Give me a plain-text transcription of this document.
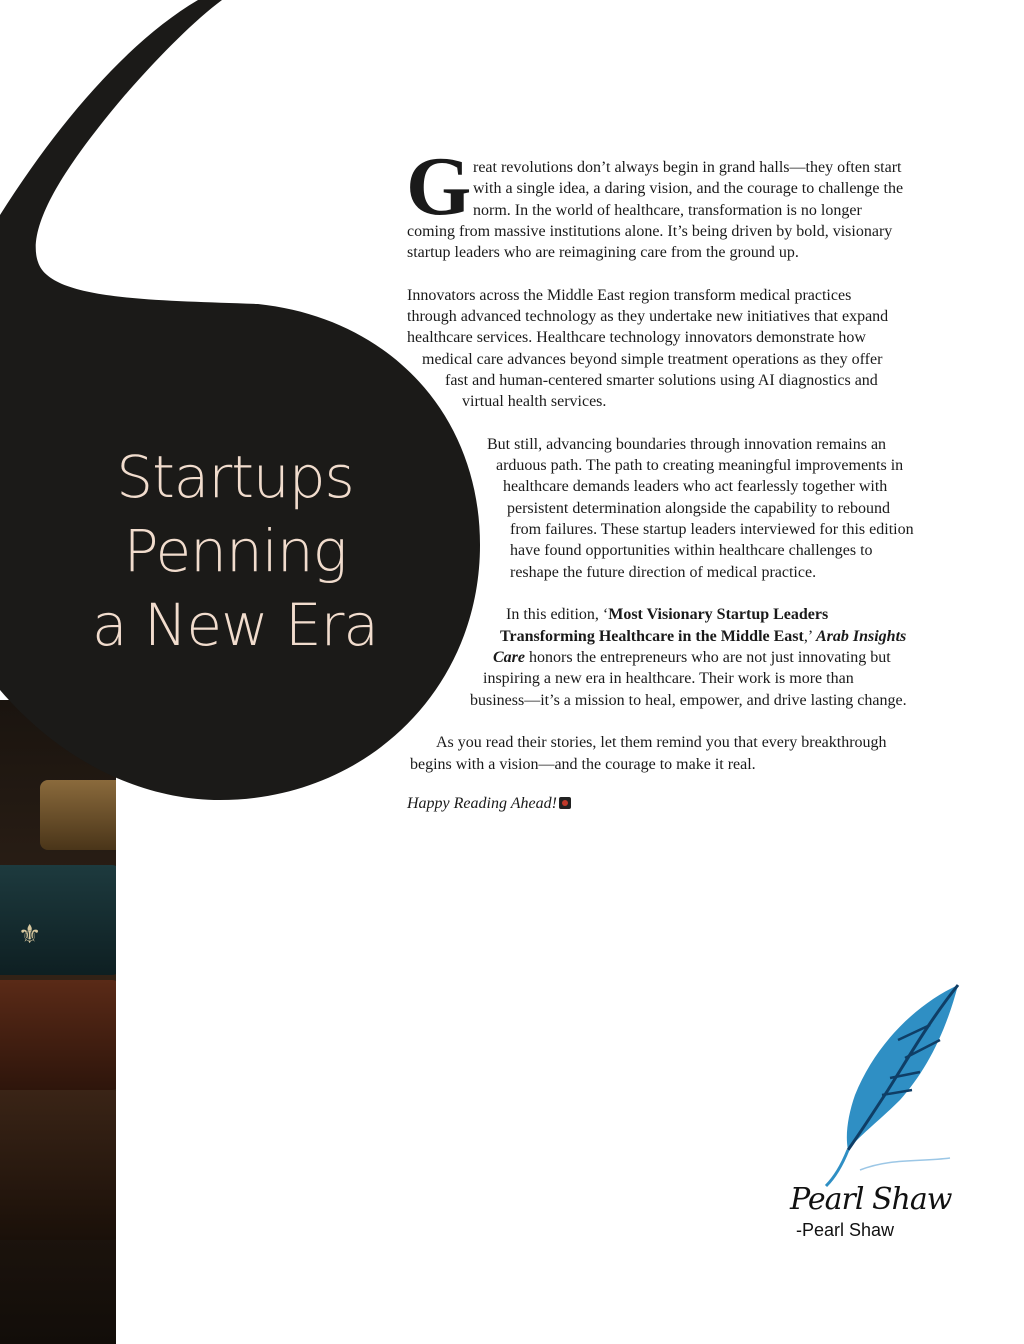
⚜
Startups Penning
a New Era
G reat revolutions don’t always begin in grand halls—they often start
with a single idea, a daring vision, and the courage to challenge the
norm. In the world of healthcare, transformation is no longer
coming from massive institutions alone. It’s being driven by bold, visionary
startup leaders who are reimagining care from the ground up.
Innovators across the Middle East region transform medical practices
through advanced technology as they undertake new initiatives that expand
healthcare services. Healthcare technology innovators demonstrate how
medical care advances beyond simple treatment operations as they offer
fast and human-centered smarter solutions using AI diagnostics and
virtual health services.
But still, advancing boundaries through innovation remains an
arduous path. The path to creating meaningful improvements in
healthcare demands leaders who act fearlessly together with
persistent determination alongside the capability to rebound
from failures. These startup leaders interviewed for this edition
have found opportunities within healthcare challenges to
reshape the future direction of medical practice.
In this edition, ‘Most Visionary Startup Leaders
Transforming Healthcare in the Middle East,’ Arab Insights
Care honors the entrepreneurs who are not just innovating but
inspiring a new era in healthcare. Their work is more than
business—it’s a mission to heal, empower, and drive lasting change.
As you read their stories, let them remind you that every breakthrough
begins with a vision—and the courage to make it real.
Happy Reading Ahead!
Pearl Shaw
-Pearl Shaw
